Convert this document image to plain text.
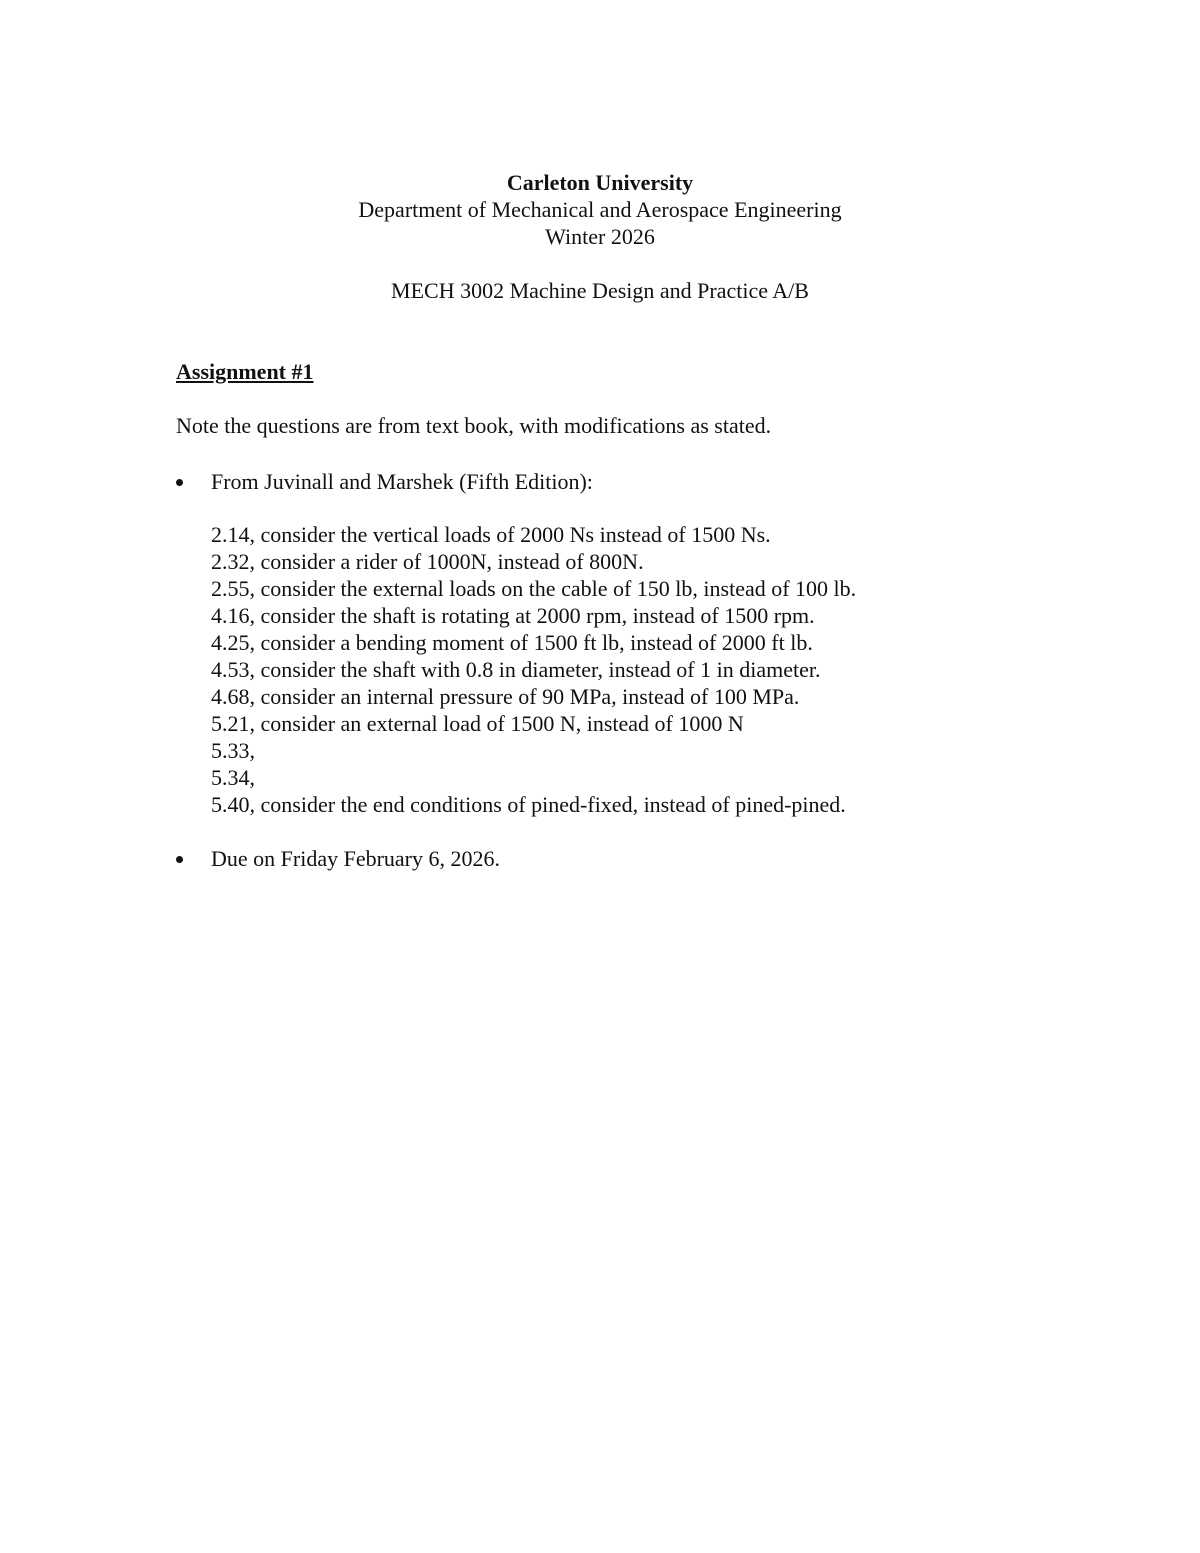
Carleton University
Department of Mechanical and Aerospace Engineering
Winter 2026
MECH 3002 Machine Design and Practice A/B

Assignment #1

Note the questions are from text book, with modifications as stated.

From Juvinall and Marshek (Fifth Edition):
2.14, consider the vertical loads of 2000 Ns instead of 1500 Ns.
2.32, consider a rider of 1000N, instead of 800N.
2.55, consider the external loads on the cable of 150 lb, instead of 100 lb.
4.16, consider the shaft is rotating at 2000 rpm, instead of 1500 rpm.
4.25, consider a bending moment of 1500 ft lb, instead of 2000 ft lb.
4.53, consider the shaft with 0.8 in diameter, instead of 1 in diameter.
4.68, consider an internal pressure of 90 MPa, instead of 100 MPa.
5.21, consider an external load of 1500 N, instead of 1000 N
5.33,
5.34,
5.40, consider the end conditions of pined-fixed, instead of pined-pined.
Due on Friday February 6, 2026.
